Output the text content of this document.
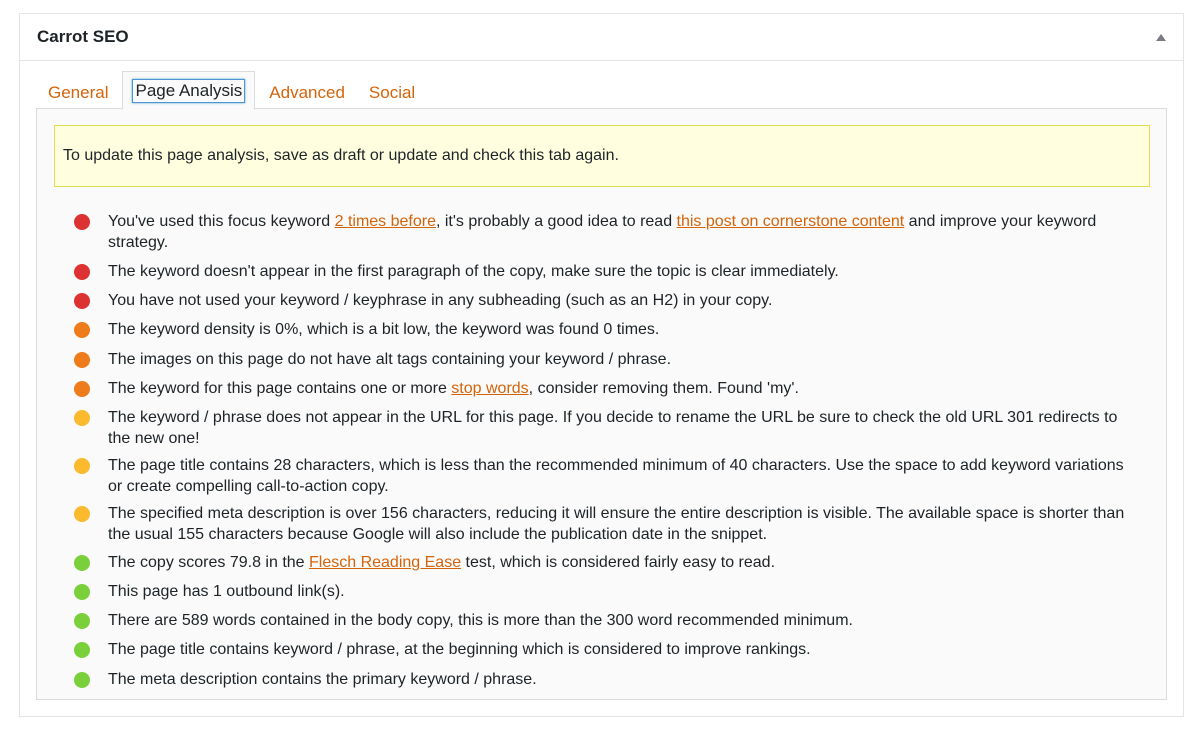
Carrot SEO
General Page Analysis Advanced Social
To update this page analysis, save as draft or update and check this tab again.
You've used this focus keyword 2 times before, it's probably a good idea to read this post on cornerstone content and improve your keyword strategy.
The keyword doesn't appear in the first paragraph of the copy, make sure the topic is clear immediately.
You have not used your keyword / keyphrase in any subheading (such as an H2) in your copy.
The keyword density is 0%, which is a bit low, the keyword was found 0 times.
The images on this page do not have alt tags containing your keyword / phrase.
The keyword for this page contains one or more stop words, consider removing them. Found 'my'.
The keyword / phrase does not appear in the URL for this page. If you decide to rename the URL be sure to check the old URL 301 redirects to the new one!
The page title contains 28 characters, which is less than the recommended minimum of 40 characters. Use the space to add keyword variations or create compelling call-to-action copy.
The specified meta description is over 156 characters, reducing it will ensure the entire description is visible. The available space is shorter than the usual 155 characters because Google will also include the publication date in the snippet.
The copy scores 79.8 in the Flesch Reading Ease test, which is considered fairly easy to read.
This page has 1 outbound link(s).
There are 589 words contained in the body copy, this is more than the 300 word recommended minimum.
The page title contains keyword / phrase, at the beginning which is considered to improve rankings.
The meta description contains the primary keyword / phrase.
